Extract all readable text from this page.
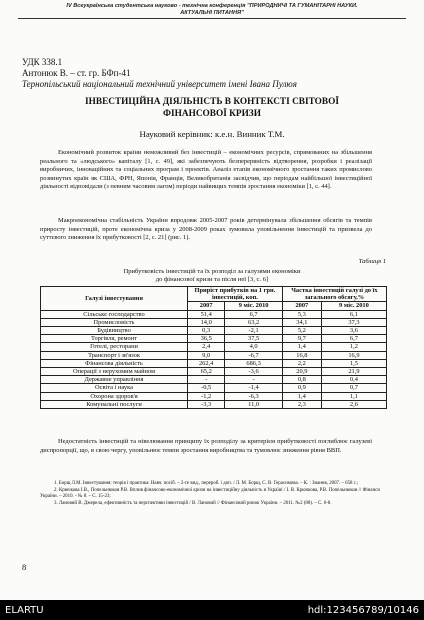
IV Всеукраїнська студентська науково - технічна конференція "ПРИРОДНИЧІ ТА ГУМАНІТАРНІ НАУКИ.
АКТУАЛЬНІ ПИТАННЯ"
УДК 338.1
Антонюк В. – ст. гр. БФп-41
Тернопільський національний технічний університет імені Івана Пулюя
ІНВЕСТИЦІЙНА ДІЯЛЬНІСТЬ В КОНТЕКСТІ СВІТОВОЇ
ФІНАНСОВОЇ КРИЗИ
Науковий керівник: к.е.н. Винник Т.М.
Економічний розвиток країни неможливий без інвестицій – економічних ресурсів, спрямованих на збільшення реального та «людського» капіталу [1, с. 49], які забезпечують безперервність відтворення, розробки і реалізації виробничих, інноваційних та соціальних програм і проектів. Аналіз етапів економічного зростання таких промислово розвинутих країн як США, ФРН, Японія, Франція, Великобританія засвідчив, що періодам найбільшої інвестиційної діяльності відповідали (з певним часовим лагом) періоди найвищих темпів зростання економіки [1, с. 44].
Макроекономічна стабільність України впродовж 2005-2007 років детермінувала збільшення обсягів та темпів приросту інвестицій, проте економічна криза у 2008-2009 роках зумовила уповільнення інвестицій та призвела до суттєвого зниження їх прибутковості [2, с. 21] (рис. 1).
Таблиця 1
Прибутковість інвестицій та їх розподіл за галузями економіки
до фінансової кризи та після неї [3, с. 6]
Галузі інвестування	Приріст прибутків на 1 грн. інвестицій, коп.		Частка інвестицій галузі до їх загального обсягу,%	
	2007	9 міс. 2010	2007	9 міс. 2010
Сільське господарство	51,4	6,7	5,3	6,1
Промисловість	14,0	63,2	34,1	37,3
Будівництво	0,3	-2,1	5,2	3,6
Торгівля, ремонт	36,5	37,5	9,7	6,7
Готелі, ресторани	2,4	4,0	1,4	1,2
Транспорт і зв'язок	9,0	-6,7	16,8	16,9
Фінансова діяльність	262,4	686,3	2,2	1,5
Операції з нерухомим майном	65,2	-3,6	20,9	21,9
Державне управління	-	-	0,8	0,4
Освіта і наука	-0,5	-1,4	0,9	0,7
Охорона здоров'я	-1,2	-6,3	1,4	1,1
Комунальні послуги	-3,3	11,0	2,3	2,6
Недостатність інвестицій та нівелювання принципу їх розподілу за критерієм прибутковості поглиблює галузеві диспропорції, що, в свою чергу, уповільнює темпи зростання виробництва та тумовлює зниження рівня ВВП.
1. Борщ Л.М. Інвестування: теорія і практика: Навч. посіб. – 2-ге вид., перероб. і доп. / Л. М. Борщ, С. В. Герасимова. – К. : Знання, 2007. – 658 с.;
2. Крючкова І.В., Попельнюков Р.В. Вплив фінансово-економічної кризи на інвестиційну діяльність в Україні / І. В. Крючкова, Р.В. Попельнюков // Фінанси України. – 2010. - № 8. – С. 15-23;
3. Лановий В. Джерела, ефективність та перспективи інвестицій / В. Лановий // Фінансовий ринок України. – 2011. №2 (88). – С. 6-8.
8
ELARTU	hdl:123456789/10146
